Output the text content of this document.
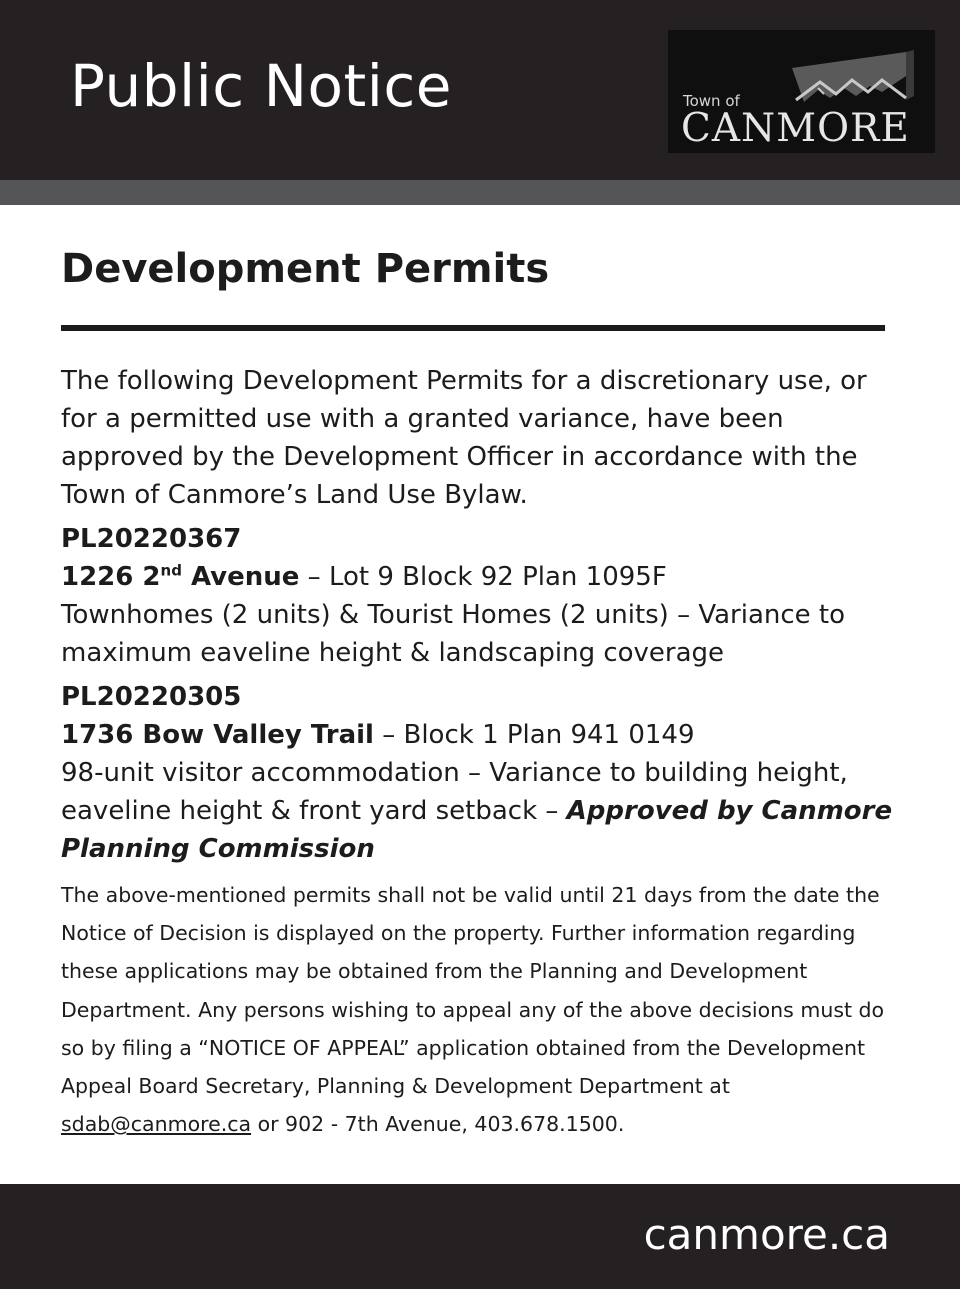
Public Notice	Town of
CANMORE
Development Permits

The following Development Permits for a discretionary use, or for a permitted use with a granted variance, have been approved by the Development Officer in accordance with the Town of Canmore’s Land Use Bylaw.

PL20220367
1226 2nd Avenue – Lot 9 Block 92 Plan 1095F
Townhomes (2 units) & Tourist Homes (2 units) – Variance to maximum eaveline height & landscaping coverage
PL20220305
1736 Bow Valley Trail – Block 1 Plan 941 0149
98-unit visitor accommodation – Variance to building height, eaveline height & front yard setback – Approved by Canmore Planning Commission
The above-mentioned permits shall not be valid until 21 days from the date the Notice of Decision is displayed on the property. Further information regarding these applications may be obtained from the Planning and Development Department. Any persons wishing to appeal any of the above decisions must do so by filing a “NOTICE OF APPEAL” application obtained from the Development Appeal Board Secretary, Planning & Development Department at sdab@canmore.ca or 902 - 7th Avenue, 403.678.1500.
canmore.ca
